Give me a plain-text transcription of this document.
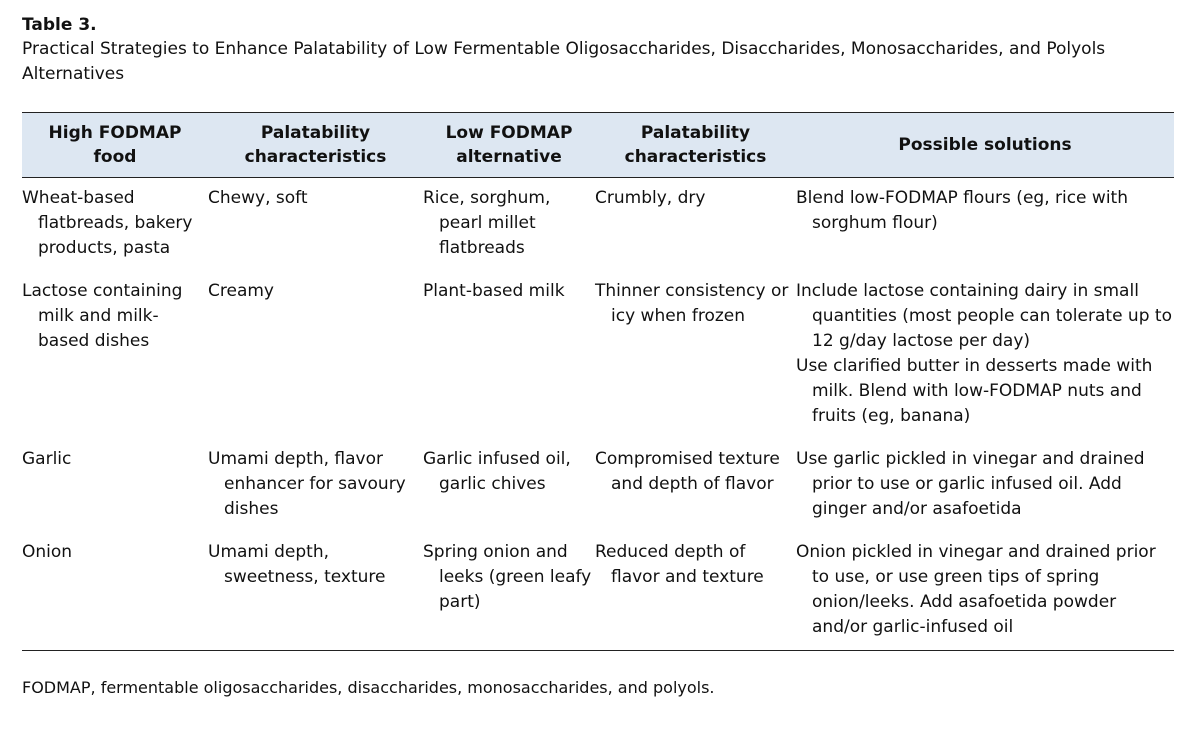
Table 3.

Practical Strategies to Enhance Palatability of Low Fermentable Oligosaccharides, Disaccharides, Monosaccharides, and Polyols Alternatives

High FODMAP food	Palatability characteristics	Low FODMAP alternative	Palatability characteristics	Possible solutions
Wheat-based flatbreads, bakery products, pasta	Chewy, soft	Rice, sorghum, pearl millet flatbreads	Crumbly, dry	Blend low-FODMAP flours (eg, rice with sorghum flour)

Lactose containing milk and milk-based dishes	Creamy	Plant-based milk	Thinner consistency or icy when frozen	Include lactose containing dairy in small quantities (most people can tolerate up to 12 g/day lactose per day)
Use clarified butter in desserts made with milk. Blend with low-FODMAP nuts and fruits (eg, banana)

Garlic	Umami depth, flavor enhancer for savoury dishes	Garlic infused oil, garlic chives	Compromised texture and depth of flavor	Use garlic pickled in vinegar and drained prior to use or garlic infused oil. Add ginger and/or asafoetida

Onion	Umami depth, sweetness, texture	Spring onion and leeks (green leafy part)	Reduced depth of flavor and texture	Onion pickled in vinegar and drained prior to use, or use green tips of spring onion/leeks. Add asafoetida powder and/or garlic-infused oil

FODMAP, fermentable oligosaccharides, disaccharides, monosaccharides, and polyols.
